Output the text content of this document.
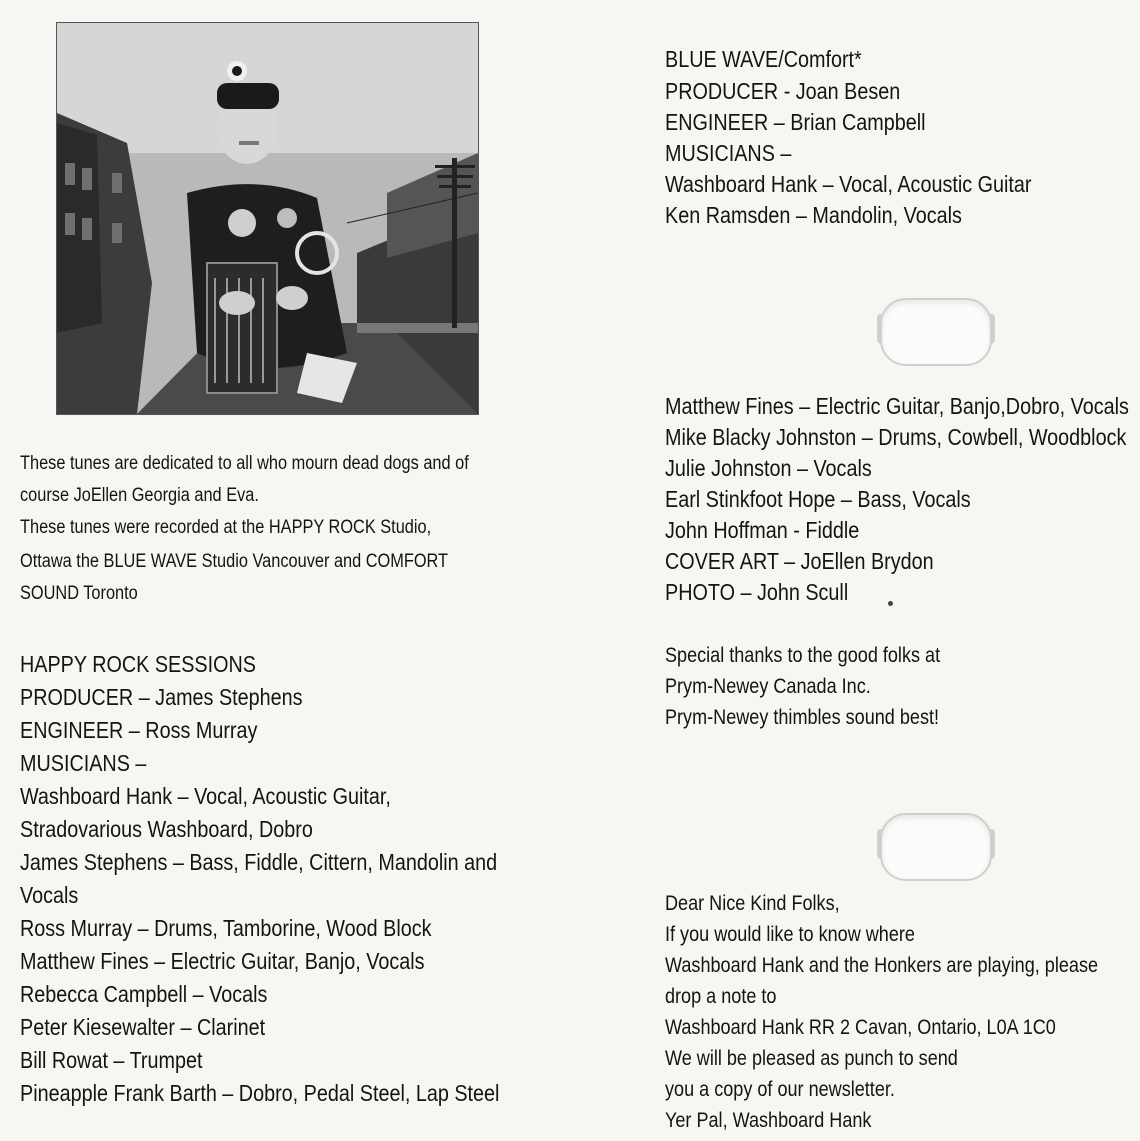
These tunes are dedicated to all who mourn dead dogs and of
course JoEllen Georgia and Eva.
These tunes were recorded at the HAPPY ROCK Studio,
Ottawa the BLUE WAVE Studio Vancouver and COMFORT
SOUND Toronto
HAPPY ROCK SESSIONS
PRODUCER – James Stephens
ENGINEER – Ross Murray
MUSICIANS –
Washboard Hank – Vocal, Acoustic Guitar,
Stradovarious Washboard, Dobro
James Stephens – Bass, Fiddle, Cittern, Mandolin and
Vocals
Ross Murray – Drums, Tamborine, Wood Block
Matthew Fines – Electric Guitar, Banjo, Vocals
Rebecca Campbell – Vocals
Peter Kiesewalter – Clarinet
Bill Rowat – Trumpet
Pineapple Frank Barth – Dobro, Pedal Steel, Lap Steel
BLUE WAVE/Comfort*
PRODUCER - Joan Besen
ENGINEER – Brian Campbell
MUSICIANS –
Washboard Hank – Vocal, Acoustic Guitar
Ken Ramsden – Mandolin, Vocals
Matthew Fines – Electric Guitar, Banjo,Dobro, Vocals
Mike Blacky Johnston – Drums, Cowbell, Woodblock
Julie Johnston – Vocals
Earl Stinkfoot Hope – Bass, Vocals
John Hoffman - Fiddle
COVER ART – JoEllen Brydon
PHOTO – John Scull
Special thanks to the good folks at
Prym-Newey Canada Inc.
Prym-Newey thimbles sound best!
Dear Nice Kind Folks,
If you would like to know where
Washboard Hank and the Honkers are playing, please
drop a note to
Washboard Hank RR 2 Cavan, Ontario, L0A 1C0
We will be pleased as punch to send
you a copy of our newsletter.
Yer Pal, Washboard Hank
